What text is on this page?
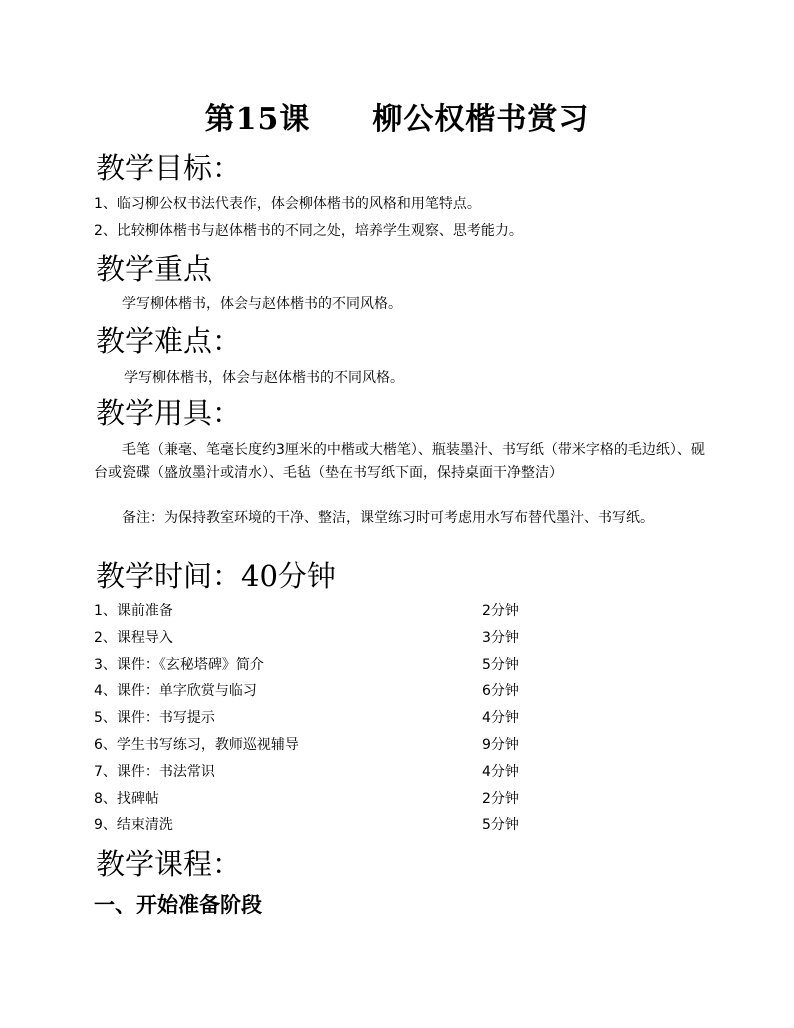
第15课　　柳公权楷书赏习
教学目标：
1、临习柳公权书法代表作，体会柳体楷书的风格和用笔特点。
2、比较柳体楷书与赵体楷书的不同之处，培养学生观察、思考能力。
教学重点
学写柳体楷书，体会与赵体楷书的不同风格。
教学难点：
学写柳体楷书，体会与赵体楷书的不同风格。
教学用具：
毛笔（兼毫、笔毫长度约3厘米的中楷或大楷笔）、瓶装墨汁、书写纸（带米字格的毛边纸）、砚台或瓷碟（盛放墨汁或清水）、毛毡（垫在书写纸下面，保持桌面干净整洁）
备注：为保持教室环境的干净、整洁，课堂练习时可考虑用水写布替代墨汁、书写纸。
教学时间：40分钟
1、课前准备	2分钟
2、课程导入	3分钟
3、课件：《玄秘塔碑》简介	5分钟
4、课件：单字欣赏与临习	6分钟
5、课件：书写提示	4分钟
6、学生书写练习，教师巡视辅导	9分钟
7、课件：书法常识	4分钟
8、找碑帖	2分钟
9、结束清洗	5分钟
教学课程：
一、开始准备阶段
